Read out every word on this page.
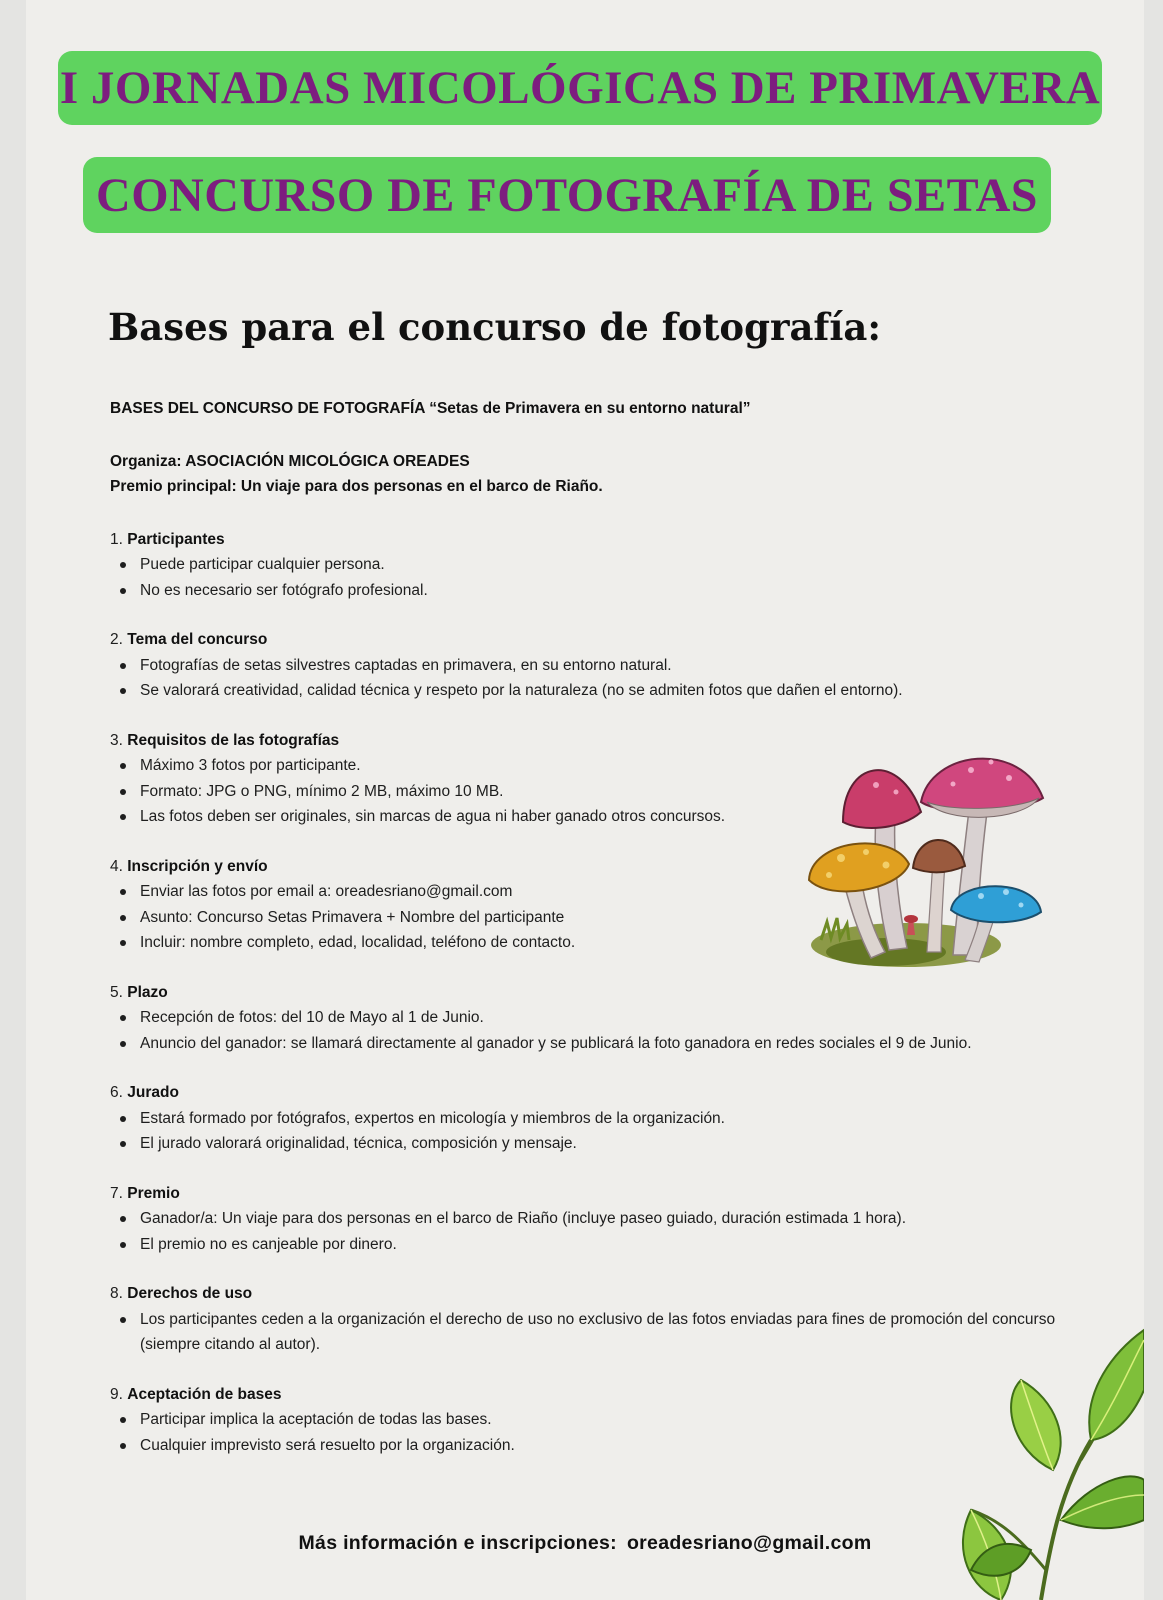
I JORNADAS MICOLÓGICAS DE PRIMAVERA
CONCURSO DE FOTOGRAFÍA DE SETAS
Bases para el concurso de fotografía:

BASES DEL CONCURSO DE FOTOGRAFÍA “Setas de Primavera en su entorno natural”

Organiza: ASOCIACIÓN MICOLÓGICA OREADES

Premio principal: Un viaje para dos personas en el barco de Riaño.

1. Participantes

Puede participar cualquier persona.
No es necesario ser fotógrafo profesional.

2. Tema del concurso

Fotografías de setas silvestres captadas en primavera, en su entorno natural.
Se valorará creatividad, calidad técnica y respeto por la naturaleza (no se admiten fotos que dañen el entorno).

3. Requisitos de las fotografías

Máximo 3 fotos por participante.
Formato: JPG o PNG, mínimo 2 MB, máximo 10 MB.
Las fotos deben ser originales, sin marcas de agua ni haber ganado otros concursos.

4. Inscripción y envío

Enviar las fotos por email a: oreadesriano@gmail.com
Asunto: Concurso Setas Primavera + Nombre del participante
Incluir: nombre completo, edad, localidad, teléfono de contacto.

5. Plazo

Recepción de fotos: del 10 de Mayo al 1 de Junio.
Anuncio del ganador: se llamará directamente al ganador y se publicará la foto ganadora en redes sociales el 9 de Junio.

6. Jurado

Estará formado por fotógrafos, expertos en micología y miembros de la organización.
El jurado valorará originalidad, técnica, composición y mensaje.

7. Premio

Ganador/a: Un viaje para dos personas en el barco de Riaño (incluye paseo guiado, duración estimada 1 hora).
El premio no es canjeable por dinero.

8. Derechos de uso

Los participantes ceden a la organización el derecho de uso no exclusivo de las fotos enviadas para fines de promoción del concurso (siempre citando al autor).

9. Aceptación de bases

Participar implica la aceptación de todas las bases.
Cualquier imprevisto será resuelto por la organización.

Más información e inscripciones: oreadesriano@gmail.com
